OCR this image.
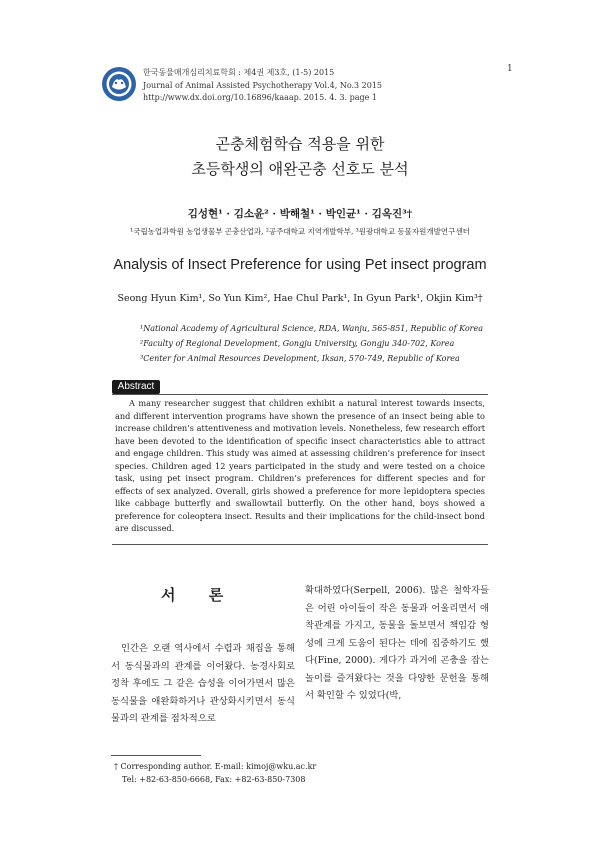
한국동물매개심리치료학회 : 제4권 제3호, (1-5) 2015
Journal of Animal Assisted Psychotherapy Vol.4, No.3 2015
http://www.dx.doi.org/10.16896/kaaap. 2015. 4. 3. page 1
1
곤충체험학습 적용을 위한
초등학생의 애완곤충 선호도 분석
김성현¹ · 김소윤² · 박해철¹ · 박인균¹ · 김옥진³†
¹국립농업과학원 농업생물부 곤충산업과, ²공주대학교 지역개발학부, ³원광대학교 동물자원개발연구센터
Analysis of Insect Preference for using Pet insect program
Seong Hyun Kim¹, So Yun Kim², Hae Chul Park¹, In Gyun Park¹, Okjin Kim³†
¹National Academy of Agricultural Science, RDA, Wanju, 565-851, Republic of Korea
²Faculty of Regional Development, Gongju University, Gongju 340-702, Korea
³Center for Animal Resources Development, Iksan, 570-749, Republic of Korea
Abstract

A many researcher suggest that children exhibit a natural interest towards insects, and different intervention programs have shown the presence of an insect being able to increase children’s attentiveness and motivation levels. Nonetheless, few research effort have been devoted to the identification of specific insect characteristics able to attract and engage children. This study was aimed at assessing children’s preference for insect species. Children aged 12 years participated in the study and were tested on a choice task, using pet insect program. Children’s preferences for different species and for effects of sex analyzed. Overall, girls showed a preference for more lepidoptera species like cabbage butterfly and swallowtail butterfly. On the other hand, boys showed a preference for coleoptera insect. Results and their implications for the child-insect bond are discussed.

서 론

인간은 오랜 역사에서 수렵과 채집을 통해서 동식물과의 관계를 이어왔다. 농경사회로 정착 후에도 그 같은 습성을 이어가면서 많은 동식물을 애완화하거나 관상화시키면서 동식물과의 관계를 점차적으로

확대하였다(Serpell, 2006). 많은 철학자들은 어린 아이들이 작은 동물과 어울리면서 애착관계를 가지고, 동물을 돌보면서 책임감 형성에 크게 도움이 된다는 데에 집중하기도 했다(Fine, 2000). 게다가 과거에 곤충을 잡는 놀이를 즐겨왔다는 것을 다양한 문헌을 통해서 확인할 수 있었다(박,

† Corresponding author. E-mail: kimoj@wku.ac.kr
Tel: +82-63-850-6668, Fax: +82-63-850-7308
